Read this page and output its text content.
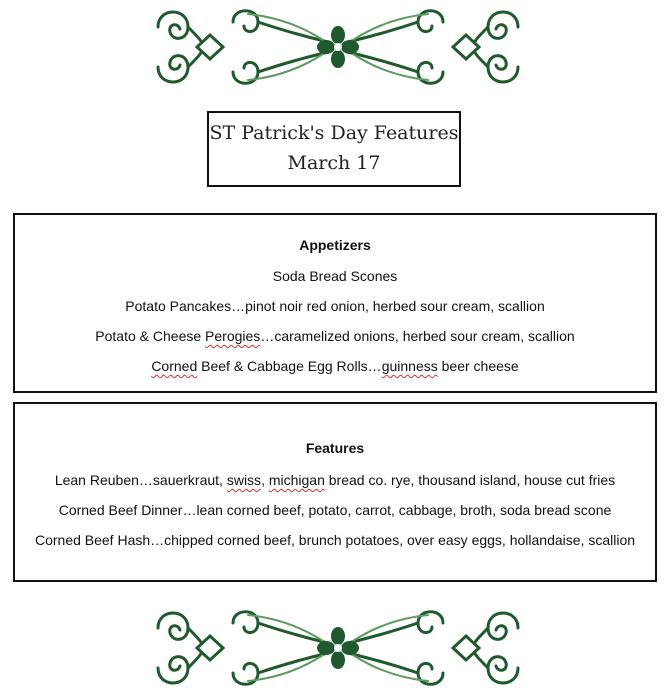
ST Patrick's Day Features
March 17
Appetizers
Soda Bread Scones
Potato Pancakes…pinot noir red onion, herbed sour cream, scallion
Potato & Cheese Perogies…caramelized onions, herbed sour cream, scallion
Corned Beef & Cabbage Egg Rolls…guinness beer cheese
Features
Lean Reuben…sauerkraut, swiss, michigan bread co. rye, thousand island, house cut fries
Corned Beef Dinner…lean corned beef, potato, carrot, cabbage, broth, soda bread scone
Corned Beef Hash…chipped corned beef, brunch potatoes, over easy eggs, hollandaise, scallion
